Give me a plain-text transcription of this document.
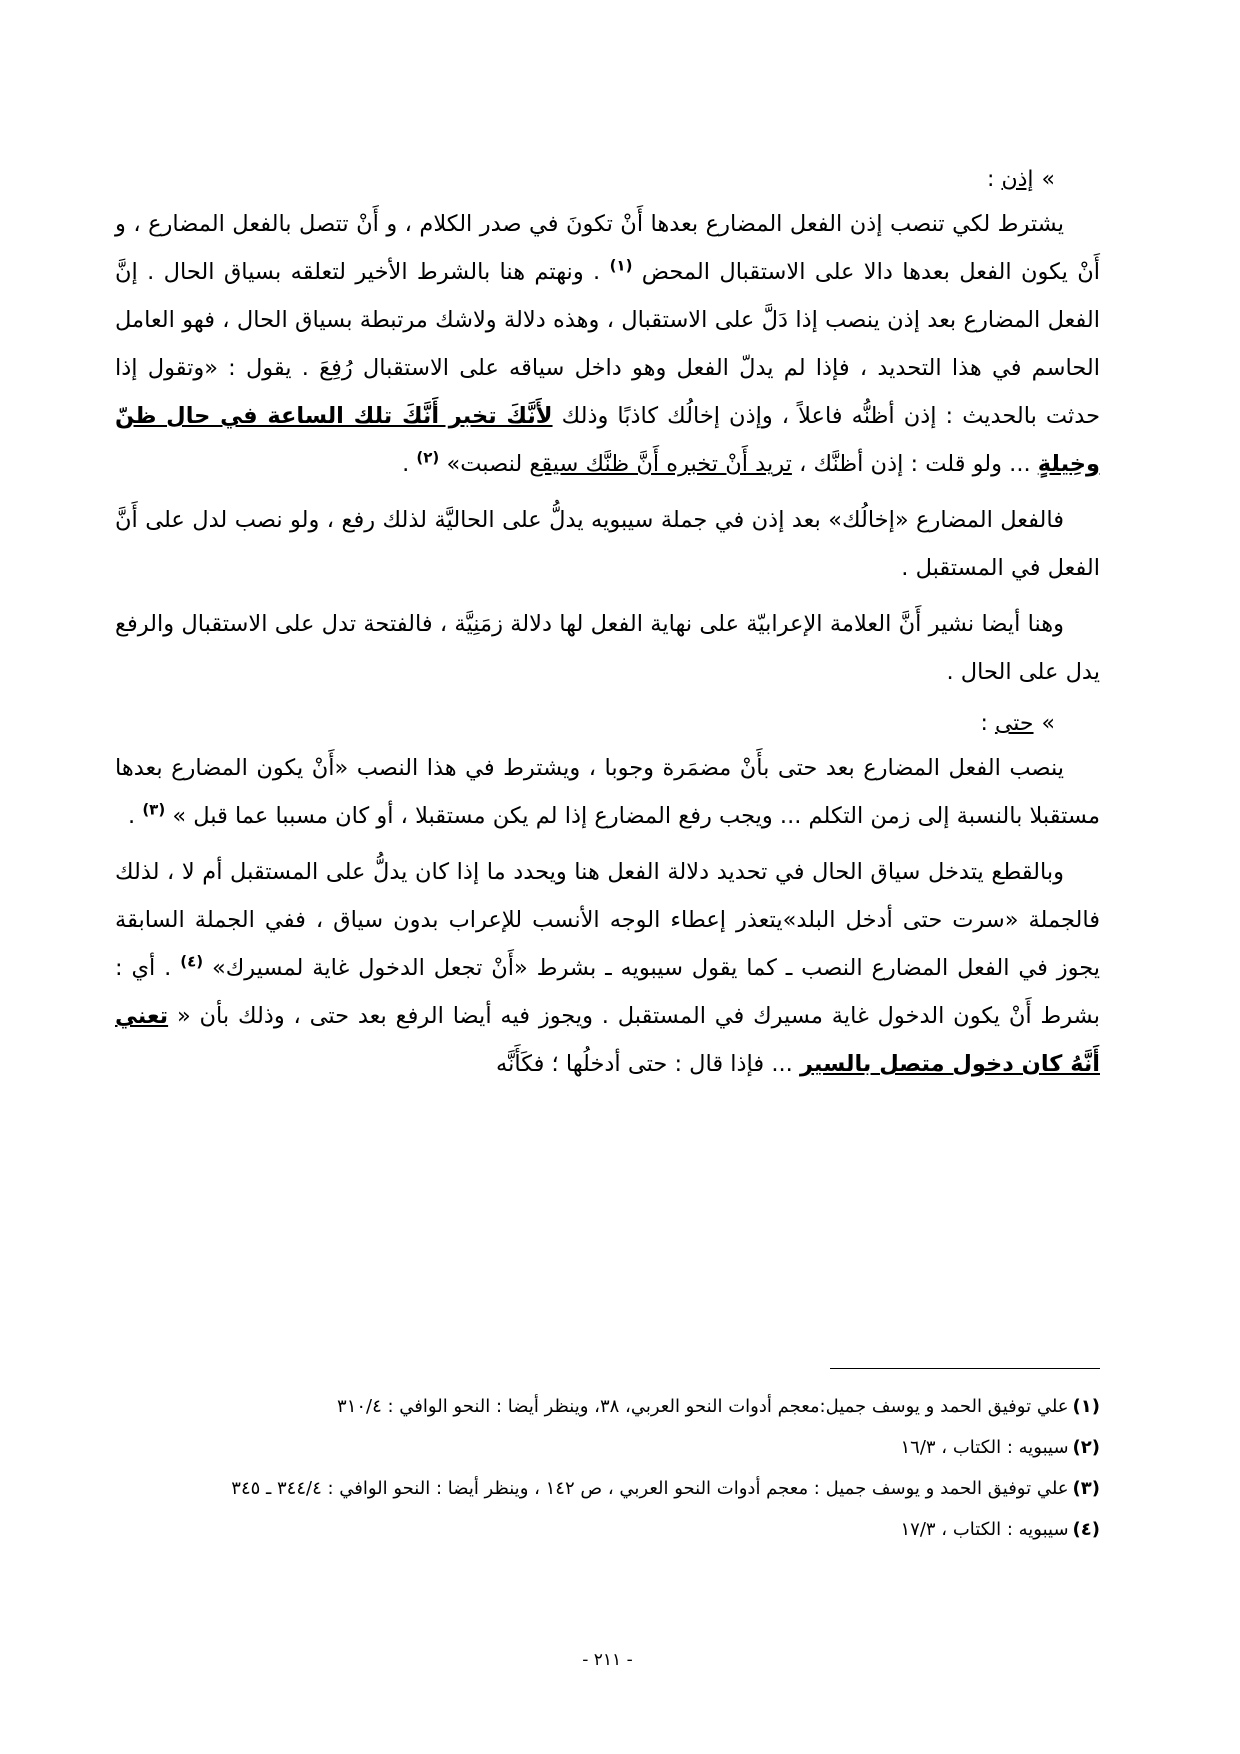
»إذن :

يشترط لكي تنصب إذن الفعل المضارع بعدها أَنْ تكونَ في صدر الكلام ، و أَنْ تتصل بالفعل المضارع ، و أَنْ يكون الفعل بعدها دالا على الاستقبال المحض $^{(١)}$ . ونهتم هنا بالشرط الأخير لتعلقه بسياق الحال . إنَّ الفعل المضارع بعد إذن ينصب إذا دَلَّ على الاستقبال ، وهذه دلالة ولاشك مرتبطة بسياق الحال ، فهو العامل الحاسم في هذا التحديد ، فإذا لم يدلّ الفعل وهو داخل سياقه على الاستقبال رُفِعَ . يقول : «وتقول إذا حدثت بالحديث : إذن أظنُّه فاعلاً ، وإذن إخالُك كاذبًا وذلك لأَنَّكَ تخبر أَنَّكَ تلك الساعة في حال ظنّ وخِيلةٍ ... ولو قلت : إذن أظنَّك ، تريد أَنْ تخبره أَنَّ ظنَّك سيقع لنصبت» $^{(٢)}$ .

فالفعل المضارع «إخالُك» بعد إذن في جملة سيبويه يدلُّ على الحاليَّة لذلك رفع ، ولو نصب لدل على أَنَّ الفعل في المستقبل .

وهنا أيضا نشير أَنَّ العلامة الإعرابيّة على نهاية الفعل لها دلالة زمَنِيَّة ، فالفتحة تدل على الاستقبال والرفع يدل على الحال .

»حتى :

ينصب الفعل المضارع بعد حتى بأَنْ مضمَرة وجوبا ، ويشترط في هذا النصب «أَنْ يكون المضارع بعدها مستقبلا بالنسبة إلى زمن التكلم ... ويجب رفع المضارع إذا لم يكن مستقبلا ، أو كان مسببا عما قبل » $^{(٣)}$ .

وبالقطع يتدخل سياق الحال في تحديد دلالة الفعل هنا ويحدد ما إذا كان يدلُّ على المستقبل أم لا ، لذلك فالجملة «سرت حتى أدخل البلد»يتعذر إعطاء الوجه الأنسب للإعراب بدون سياق ، ففي الجملة السابقة يجوز في الفعل المضارع النصب ـ كما يقول سيبويه ـ بشرط «أَنْ تجعل الدخول غاية لمسيرك» $^{(٤)}$ . أي : بشرط أَنْ يكون الدخول غاية مسيرك في المستقبل . ويجوز فيه أيضا الرفع بعد حتى ، وذلك بأن « تعني أَنَّهُ كان دخول متصل بالسير ... فإذا قال : حتى أدخلُها ؛ فكَأَنَّه

(١)علي توفيق الحمد و يوسف جميل:معجم أدوات النحو العربي، ٣٨، وينظر أيضا : النحو الوافي : ٣١٠/٤

(٢)سيبويه : الكتاب ، ١٦/٣

(٣)علي توفيق الحمد و يوسف جميل : معجم أدوات النحو العربي ، ص ١٤٢ ، وينظر أيضا : النحو الوافي : ٣٤٤/٤ ـ ٣٤٥

(٤)سيبويه : الكتاب ، ١٧/٣

- ٢١١ -
